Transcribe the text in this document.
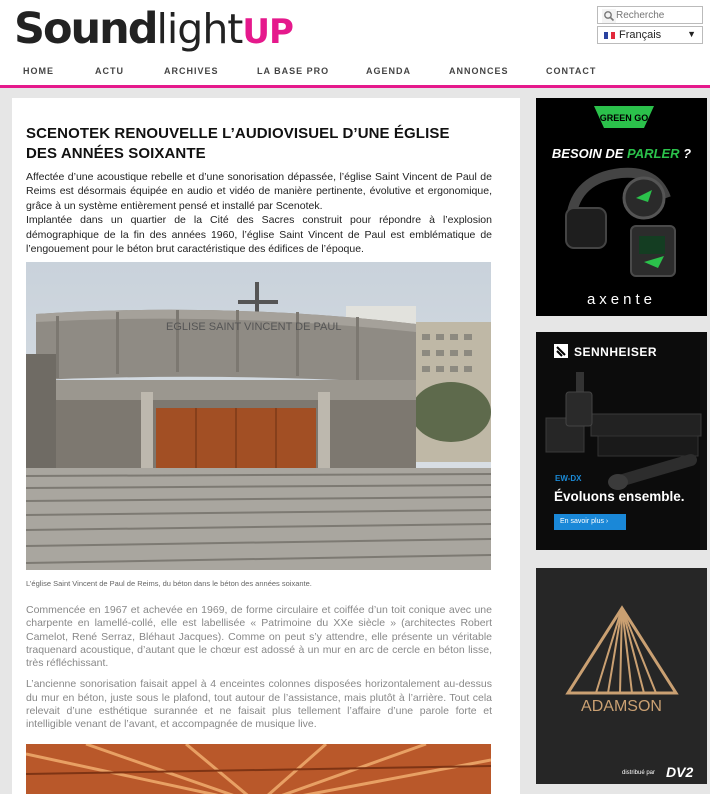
SoundlightUP
Recherche	Français	▼
HOME	ACTU	ARCHIVES	LA BASE PRO	AGENDA	ANNONCES	CONTACT
SCENOTEK RENOUVELLE L’AUDIOVISUEL D’UNE ÉGLISE
DES ANNÉES SOIXANTE

Affectée d’une acoustique rebelle et d’une sonorisation dépassée, l’église Saint Vincent de Paul de Reims est désormais équipée en audio et vidéo de manière pertinente, évolutive et ergonomique, grâce à un système entièrement pensé et installé par Scenotek.

Implantée dans un quartier de la Cité des Sacres construit pour répondre à l’explosion démographique de la fin des années 1960, l’église Saint Vincent de Paul est emblématique de l’engouement pour le béton brut caractéristique des édifices de l’époque.

EGLISE SAINT VINCENT DE PAUL
L’église Saint Vincent de Paul de Reims, du béton dans le béton des années soixante.

Commencée en 1967 et achevée en 1969, de forme circulaire et coiffée d’un toit conique avec une charpente en lamellé-collé, elle est labellisée « Patrimoine du XXe siècle » (architectes Robert Camelot, René Serraz, Bléhaut Jacques). Comme on peut s’y attendre, elle présente un véritable traquenard acoustique, d’autant que le chœur est adossé à un mur en arc de cercle en béton lisse, très réfléchissant.

L’ancienne sonorisation faisait appel à 4 enceintes colonnes disposées horizontalement au-dessus du mur en béton, juste sous le plafond, tout autour de l’assistance, mais plutôt à l’arrière. Tout cela relevait d’une esthétique surannée et ne faisait plus tellement l’affaire d’une parole forte et intelligible venant de l’avant, et accompagnée de musique live.

GREEN GO
BESOIN DE PARLER ?
axente
SENNHEISER
EW-DX
Évoluons ensemble.
En savoir plus ›
ADAMSON
distribué par DV2
